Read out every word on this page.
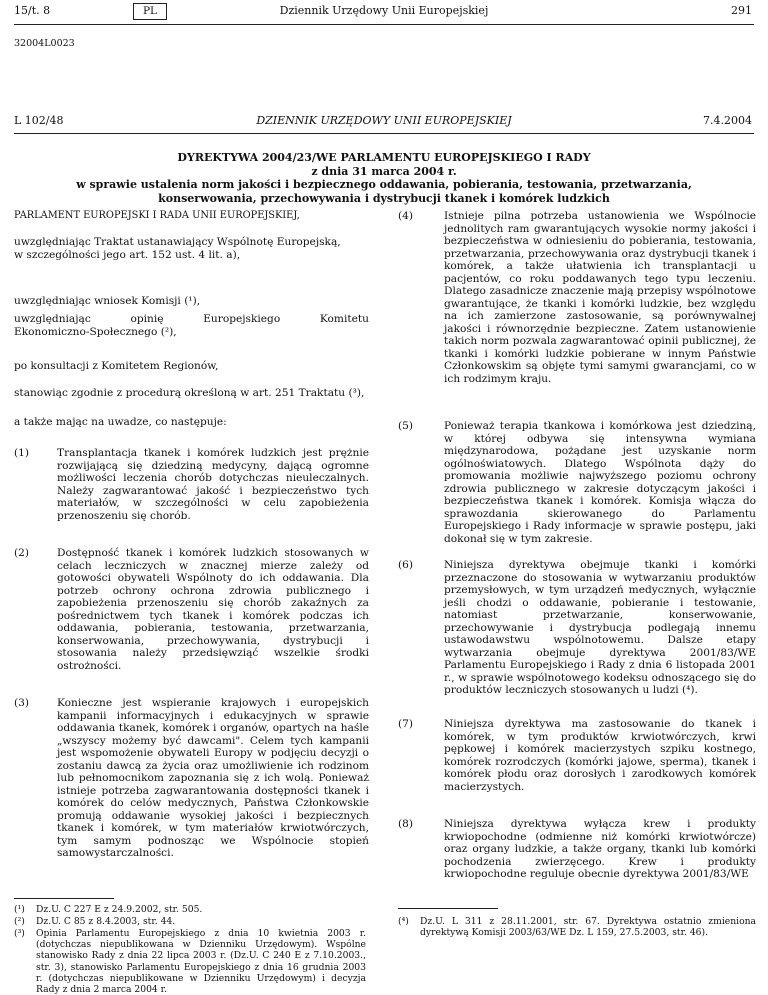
15/t. 8	PL	Dziennik Urzędowy Unii Europejskiej	291
32004L0023
L 102/48	DZIENNIK URZĘDOWY UNII EUROPEJSKIEJ	7.4.2004
DYREKTYWA 2004/23/WE PARLAMENTU EUROPEJSKIEGO I RADY
z dnia 31 marca 2004 r.
w sprawie ustalenia norm jakości i bezpiecznego oddawania, pobierania, testowania, przetwarzania,
konserwowania, przechowywania i dystrybucji tkanek i komórek ludzkich
PARLAMENT EUROPEJSKI I RADA UNII EUROPEJSKIEJ,
uwzględniając Traktat ustanawiający Wspólnotę Europejską,
w szczególności jego art. 152 ust. 4 lit. a),
uwzględniając wniosek Komisji (¹),
uwzględniając	opinię	Europejskiego	Komitetu
Ekonomiczno-Społecznego (²),
po konsultacji z Komitetem Regionów,
stanowiąc zgodnie z procedurą określoną w art. 251 Traktatu (³),
a także mając na uwadze, co następuje:
(1)	Transplantacja tkanek i komórek ludzkich jest prężnie rozwijającą się dziedziną medycyny, dającą ogromne możliwości leczenia chorób dotychczas nieuleczalnych. Należy zagwarantować jakość i bezpieczeństwo tych materiałów, w szczególności w celu zapobieżenia przenoszeniu się chorób.
(2)	Dostępność tkanek i komórek ludzkich stosowanych w celach leczniczych w znacznej mierze zależy od gotowości obywateli Wspólnoty do ich oddawania. Dla potrzeb ochrony ochrona zdrowia publicznego i zapobieżenia przenoszeniu się chorób zakaźnych za pośrednictwem tych tkanek i komórek podczas ich oddawania, pobierania, testowania, przetwarzania, konserwowania, przechowywania, dystrybucji i stosowania należy przedsięwziąć wszelkie środki ostrożności.
(3)	Konieczne jest wspieranie krajowych i europejskich kampanii informacyjnych i edukacyjnych w sprawie oddawania tkanek, komórek i organów, opartych na haśle „wszyscy możemy być dawcami". Celem tych kampanii jest wspomożenie obywateli Europy w podjęciu decyzji o zostaniu dawcą za życia oraz umożliwienie ich rodzinom lub pełnomocnikom zapoznania się z ich wolą. Ponieważ istnieje potrzeba zagwarantowania dostępności tkanek i komórek do celów medycznych, Państwa Członkowskie promują oddawanie wysokiej jakości i bezpiecznych tkanek i komórek, w tym materiałów krwiotwórczych, tym samym podnosząc we Wspólnocie stopień samowystarczalności.
(¹) Dz.U. C 227 E z 24.9.2002, str. 505.
(²) Dz.U. C 85 z 8.4.2003, str. 44.
(³) Opinia Parlamentu Europejskiego z dnia 10 kwietnia 2003 r. (dotychczas niepublikowana w Dzienniku Urzędowym). Wspólne stanowisko Rady z dnia 22 lipca 2003 r. (Dz.U. C 240 E z 7.10.2003., str. 3), stanowisko Parlamentu Europejskiego z dnia 16 grudnia 2003 r. (dotychczas niepublikowane w Dzienniku Urzędowym) i decyzja Rady z dnia 2 marca 2004 r.
(4)	Istnieje pilna potrzeba ustanowienia we Wspólnocie jednolitych ram gwarantujących wysokie normy jakości i bezpieczeństwa w odniesieniu do pobierania, testowania, przetwarzania, przechowywania oraz dystrybucji tkanek i komórek, a także ułatwienia ich transplantacji u pacjentów, co roku poddawanych tego typu leczeniu. Dlatego zasadnicze znaczenie mają przepisy wspólnotowe gwarantujące, że tkanki i komórki ludzkie, bez względu na ich zamierzone zastosowanie, są porównywalnej jakości i równorzędnie bezpieczne. Zatem ustanowienie takich norm pozwala zagwarantować opinii publicznej, że tkanki i komórki ludzkie pobierane w innym Państwie Członkowskim są objęte tymi samymi gwarancjami, co w ich rodzimym kraju.
(5)	Ponieważ terapia tkankowa i komórkowa jest dziedziną, w której odbywa się intensywna wymiana międzynarodowa, pożądane jest uzyskanie norm ogólnoświatowych. Dlatego Wspólnota dąży do promowania możliwie najwyższego poziomu ochrony zdrowia publicznego w zakresie dotyczącym jakości i bezpieczeństwa tkanek i komórek. Komisja włącza do sprawozdania skierowanego do Parlamentu Europejskiego i Rady informacje w sprawie postępu, jaki dokonał się w tym zakresie.
(6)	Niniejsza dyrektywa obejmuje tkanki i komórki przeznaczone do stosowania w wytwarzaniu produktów przemysłowych, w tym urządzeń medycznych, wyłącznie jeśli chodzi o oddawanie, pobieranie i testowanie, natomiast przetwarzanie, konserwowanie, przechowywanie i dystrybucja podlegają innemu ustawodawstwu wspólnotowemu. Dalsze etapy wytwarzania obejmuje dyrektywa 2001/83/WE Parlamentu Europejskiego i Rady z dnia 6 listopada 2001 r., w sprawie wspólnotowego kodeksu odnoszącego się do produktów leczniczych stosowanych u ludzi (⁴).
(7)	Niniejsza dyrektywa ma zastosowanie do tkanek i komórek, w tym produktów krwiotwórczych, krwi pępkowej i komórek macierzystych szpiku kostnego, komórek rozrodczych (komórki jajowe, sperma), tkanek i komórek płodu oraz dorosłych i zarodkowych komórek macierzystych.
(8)	Niniejsza dyrektywa wyłącza krew i produkty krwiopochodne (odmienne niż komórki krwiotwórcze) oraz organy ludzkie, a także organy, tkanki lub komórki pochodzenia zwierzęcego. Krew i produkty krwiopochodne reguluje obecnie dyrektywa 2001/83/WE
(⁴) Dz.U. L 311 z 28.11.2001, str. 67. Dyrektywa ostatnio zmieniona dyrektywą Komisji 2003/63/WE Dz. L 159, 27.5.2003, str. 46).
